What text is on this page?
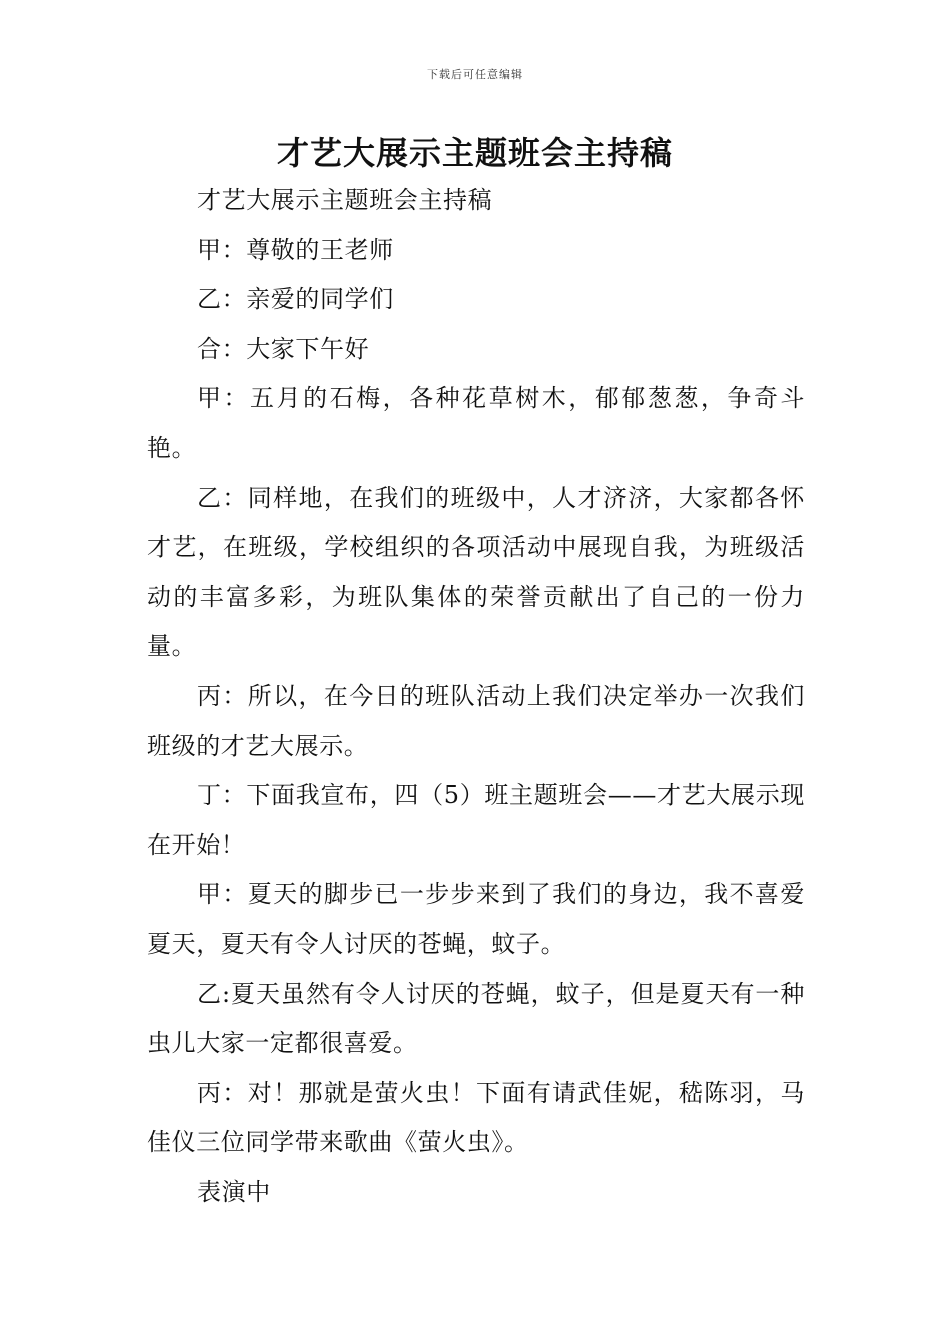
下载后可任意编辑
才艺大展示主题班会主持稿

才艺大展示主题班会主持稿

甲：尊敬的王老师

乙：亲爱的同学们

合：大家下午好

甲：五月的石梅，各种花草树木，郁郁葱葱，争奇斗艳。

乙：同样地，在我们的班级中，人才济济，大家都各怀才艺，在班级，学校组织的各项活动中展现自我，为班级活动的丰富多彩，为班队集体的荣誉贡献出了自己的一份力量。

丙：所以，在今日的班队活动上我们决定举办一次我们班级的才艺大展示。

丁：下面我宣布，四（5）班主题班会——才艺大展示现在开始！

甲：夏天的脚步已一步步来到了我们的身边，我不喜爱夏天，夏天有令人讨厌的苍蝇，蚊子。

乙:夏天虽然有令人讨厌的苍蝇，蚊子，但是夏天有一种虫儿大家一定都很喜爱。

丙：对！那就是萤火虫！下面有请武佳妮，嵇陈羽，马佳仪三位同学带来歌曲《萤火虫》。

表演中
